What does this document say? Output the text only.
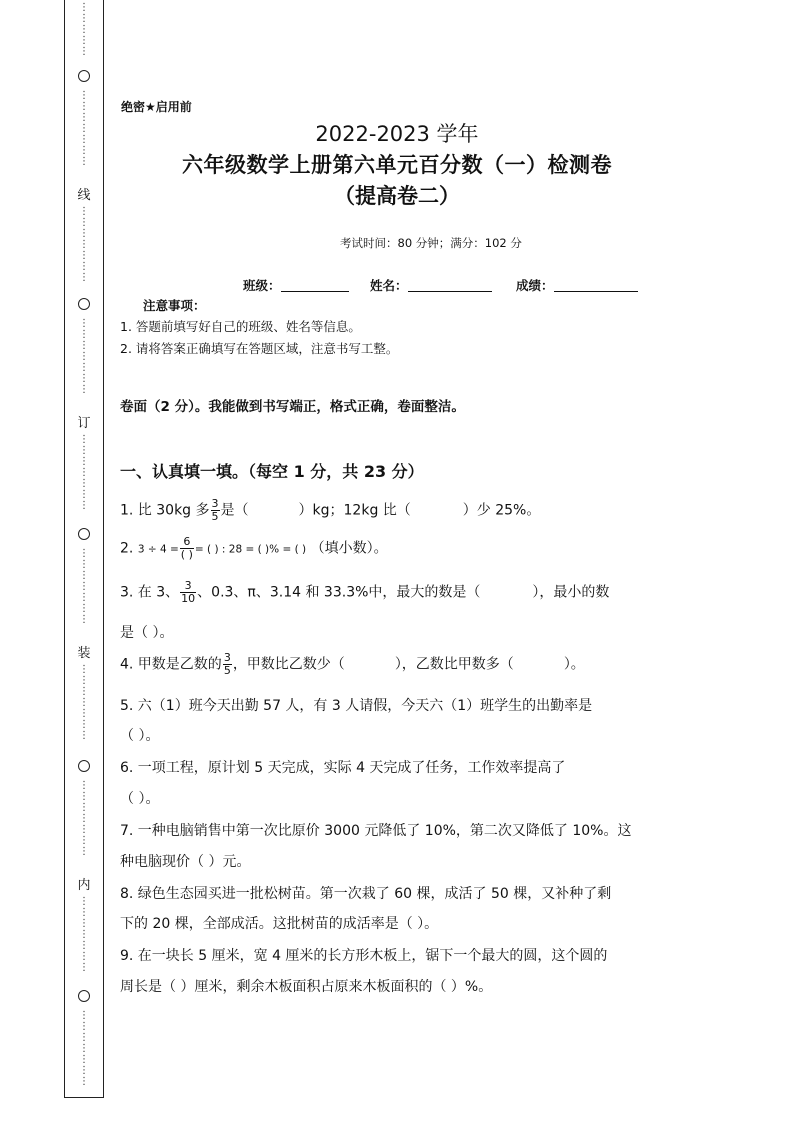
⋮
⋮
⋮
⋮
⋮
⋮
⋮
⋮
⋮
⋮
⋮
⋮
线
⋮
⋮
⋮
⋮
⋮
⋮
⋮
⋮
⋮
⋮
⋮
⋮
⋮
⋮
订
⋮
⋮
⋮
⋮
⋮
⋮
⋮
⋮
⋮
⋮
⋮
⋮
⋮
⋮
装
⋮
⋮
⋮
⋮
⋮
⋮
⋮
⋮
⋮
⋮
⋮
⋮
⋮
⋮
内
⋮
⋮
⋮
⋮
⋮
⋮
⋮
⋮
⋮
⋮
⋮
⋮
⋮
⋮
绝密★启用前
2022-2023 学年
六年级数学上册第六单元百分数（一）检测卷
（提高卷二）
考试时间：80 分钟；满分：102 分
班级：	姓名：	成绩：
注意事项：
1. 答题前填写好自己的班级、姓名等信息。
2. 请将答案正确填写在答题区域，注意书写工整。
卷面（2 分）。我能做到书写端正，格式正确，卷面整洁。
一、认真填一填。（每空 1 分，共 23 分）
1. 比 30kg 多 $\frac{3}{5}$ 是（	）kg；12kg 比（	）少 25%。
2. $3 \div 4 = \frac{6}{( )}$ = ( ) : 28 = ( )% = ( ) （填小数）。
3. 在 3、 $\frac{3}{10}$ 、0.3̇、π、3.14 和 33.3%中，最大的数是（	），最小的数
是（ ）。
4. 甲数是乙数的 $\frac{3}{5}$ ，甲数比乙数少（	），乙数比甲数多（	）。
5. 六（1）班今天出勤 57 人，有 3 人请假，今天六（1）班学生的出勤率是
（ ）。
6. 一项工程，原计划 5 天完成，实际 4 天完成了任务，工作效率提高了
（ ）。
7. 一种电脑销售中第一次比原价 3000 元降低了 10%，第二次又降低了 10%。这
种电脑现价（ ）元。
8. 绿色生态园买进一批松树苗。第一次栽了 60 棵，成活了 50 棵，又补种了剩
下的 20 棵，全部成活。这批树苗的成活率是（ ）。
9. 在一块长 5 厘米，宽 4 厘米的长方形木板上，锯下一个最大的圆，这个圆的
周长是（ ）厘米，剩余木板面积占原来木板面积的（ ）%。
